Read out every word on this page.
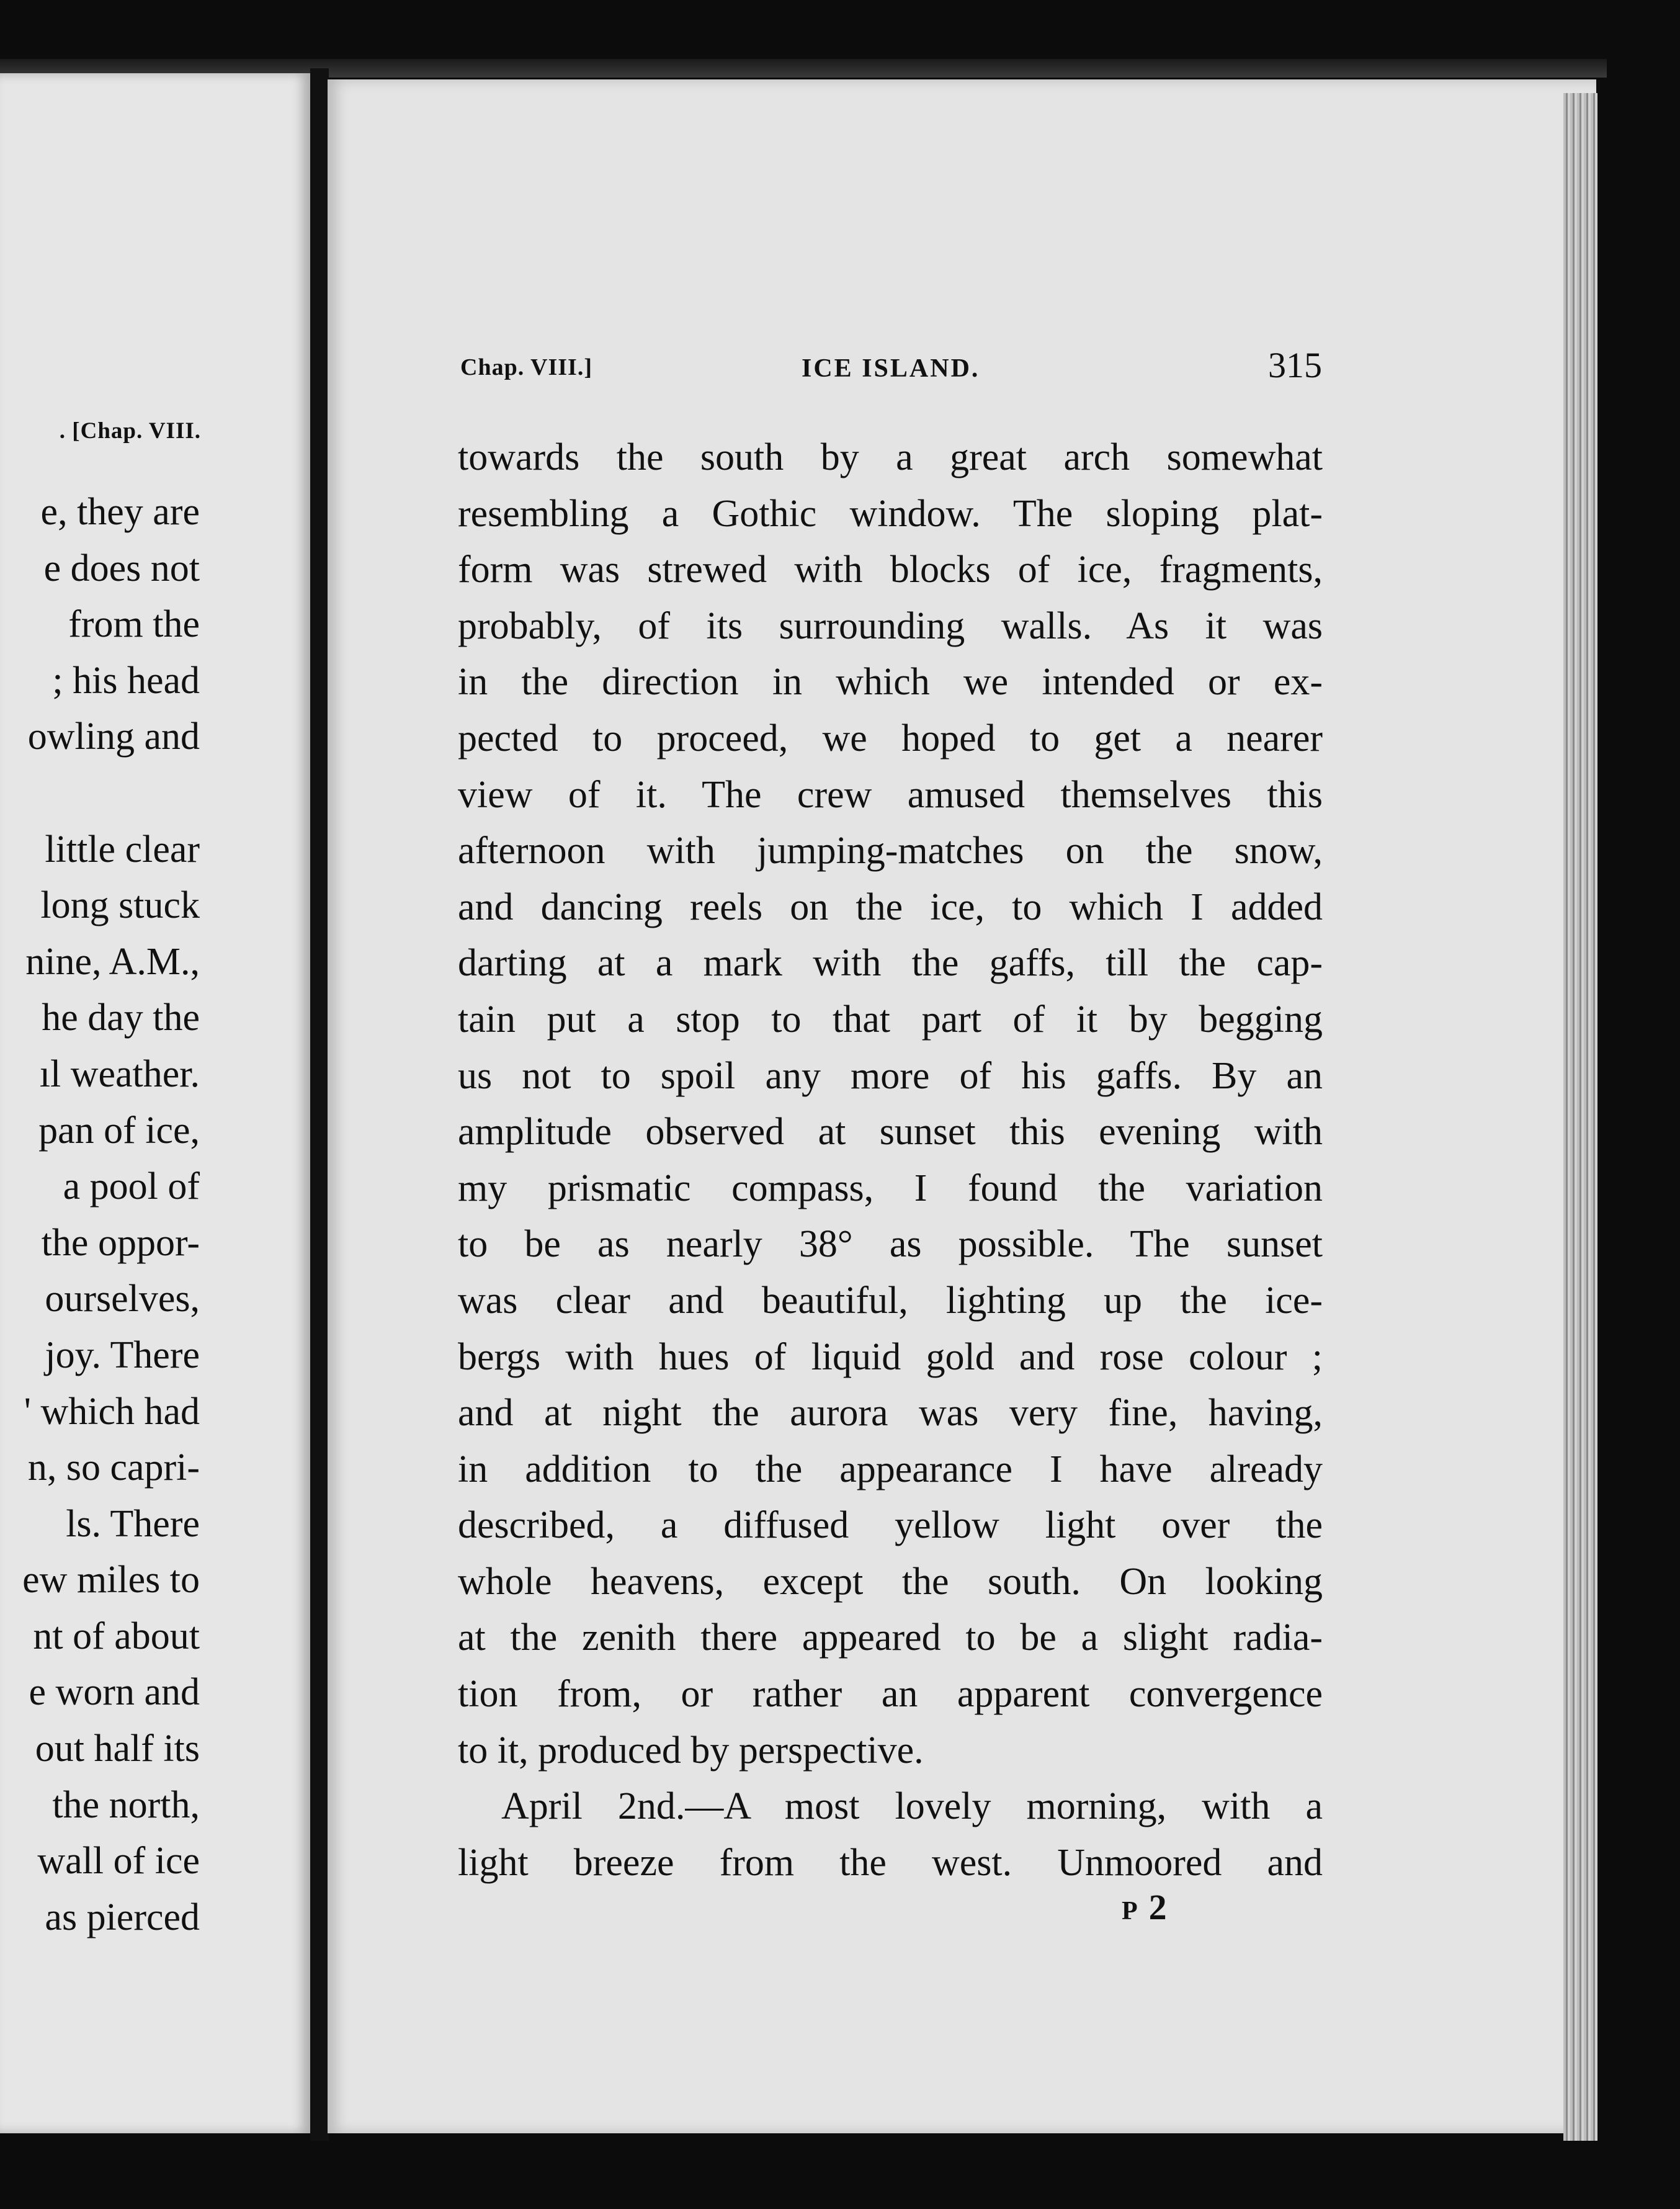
. [Chap. VIII.
e, they are
e does not
from the
; his head
owling and
little clear
long stuck
nine, A.M.,
he day the
ıl weather.
pan of ice,
a pool of
the oppor-
ourselves,
joy. There
' which had
n, so capri-
ls. There
ew miles to
nt of about
e worn and
out half its
the north,
wall of ice
as pierced
Chap. VIII.]	ICE ISLAND.	315
towards the south by a great arch somewhat
resembling a Gothic window. The sloping plat-
form was strewed with blocks of ice, fragments,
probably, of its surrounding walls. As it was
in the direction in which we intended or ex-
pected to proceed, we hoped to get a nearer
view of it. The crew amused themselves this
afternoon with jumping-matches on the snow,
and dancing reels on the ice, to which I added
darting at a mark with the gaffs, till the cap-
tain put a stop to that part of it by begging
us not to spoil any more of his gaffs. By an
amplitude observed at sunset this evening with
my prismatic compass, I found the variation
to be as nearly 38° as possible. The sunset
was clear and beautiful, lighting up the ice-
bergs with hues of liquid gold and rose colour ;
and at night the aurora was very fine, having,
in addition to the appearance I have already
described, a diffused yellow light over the
whole heavens, except the south. On looking
at the zenith there appeared to be a slight radia-
tion from, or rather an apparent convergence
to it, produced by perspective.
April 2nd.—A most lovely morning, with a
light breeze from the west. Unmoored and
P 2
